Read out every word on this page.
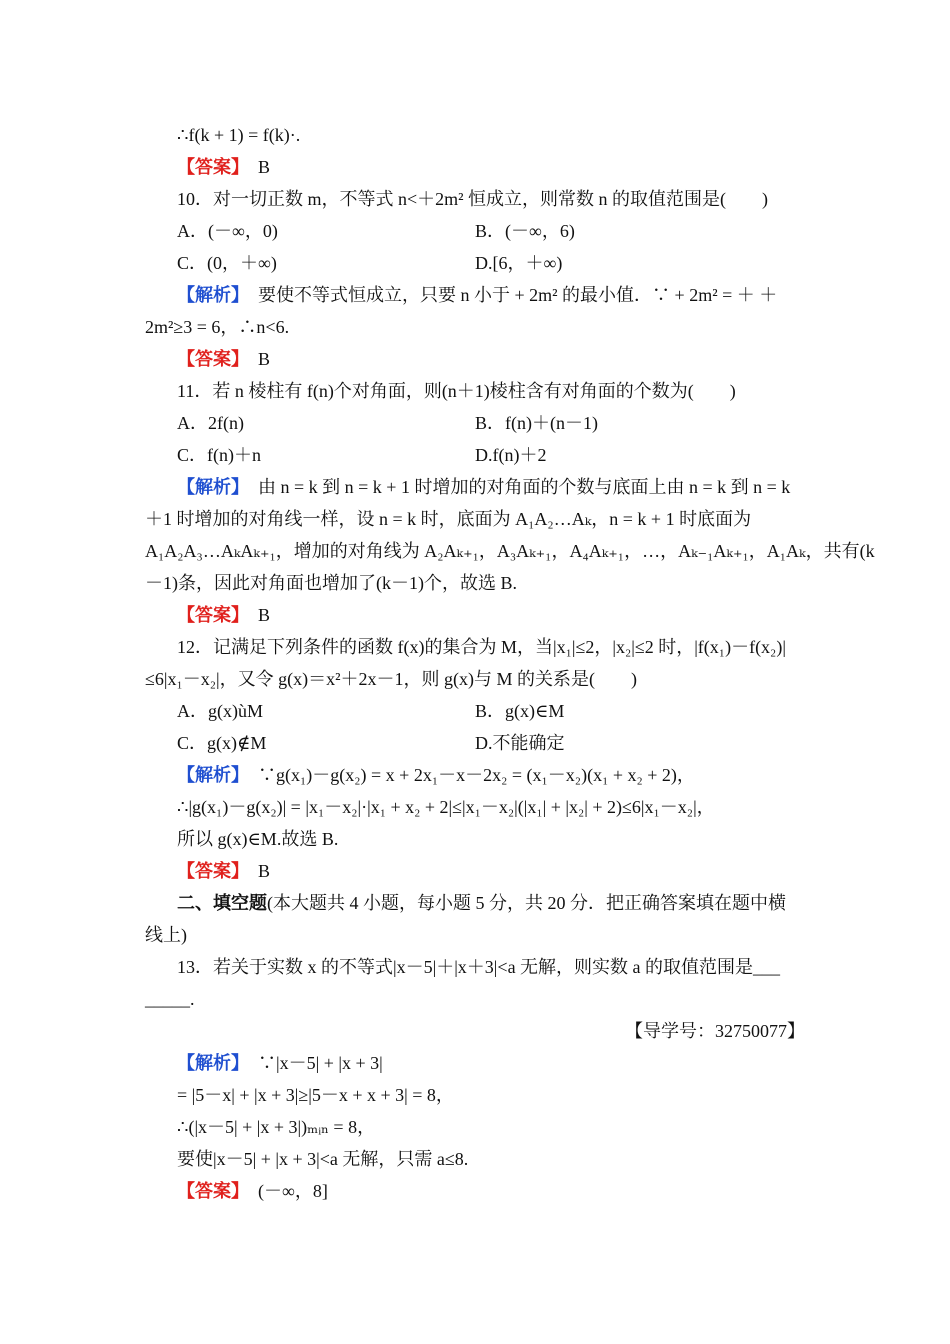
∴f(k + 1) = f(k)·.
【答案】　B
10．对一切正数 m，不等式 n<＋2m² 恒成立，则常数 n 的取值范围是(　　)
A．(－∞，0)	B．(－∞，6)
C．(0，＋∞)	D.[6，＋∞)
【解析】　要使不等式恒成立，只要 n 小于 + 2m² 的最小值．∵ + 2m² = ＋ ＋
2m²≥3 = 6，∴n<6.
【答案】　B
11．若 n 棱柱有 f(n)个对角面，则(n＋1)棱柱含有对角面的个数为(　　)
A．2f(n)	B．f(n)＋(n－1)
C．f(n)＋n	D.f(n)＋2
【解析】　由 n = k 到 n = k + 1 时增加的对角面的个数与底面上由 n = k 到 n = k
＋1 时增加的对角线一样，设 n = k 时，底面为 A₁A₂…Aₖ，n = k + 1 时底面为
A₁A₂A₃…AₖAₖ₊₁，增加的对角线为 A₂Aₖ₊₁，A₃Aₖ₊₁，A₄Aₖ₊₁，…，Aₖ₋₁Aₖ₊₁，A₁Aₖ，共有(k
－1)条，因此对角面也增加了(k－1)个，故选 B.
【答案】　B
12．记满足下列条件的函数 f(x)的集合为 M，当|x₁|≤2，|x₂|≤2 时，|f(x₁)－f(x₂)|
≤6|x₁－x₂|，又令 g(x)＝x²＋2x－1，则 g(x)与 M 的关系是(　　)
A．g(x)ùM	B．g(x)∈M
C．g(x)∉M	D.不能确定
【解析】　∵g(x₁)－g(x₂) = x + 2x₁－x－2x₂ = (x₁－x₂)(x₁ + x₂ + 2)，
∴|g(x₁)－g(x₂)| = |x₁－x₂|·|x₁ + x₂ + 2|≤|x₁－x₂|(|x₁| + |x₂| + 2)≤6|x₁－x₂|，
所以 g(x)∈M.故选 B.
【答案】　B
二、填空题(本大题共 4 小题，每小题 5 分，共 20 分．把正确答案填在题中横
线上)
13．若关于实数 x 的不等式|x－5|＋|x＋3|<a 无解，则实数 a 的取值范围是___
_____.
【导学号：32750077】
【解析】　∵|x－5| + |x + 3|
= |5－x| + |x + 3|≥|5－x + x + 3| = 8，
∴(|x－5| + |x + 3|)ₘᵢₙ = 8，
要使|x－5| + |x + 3|<a 无解，只需 a≤8.
【答案】　(－∞，8]
